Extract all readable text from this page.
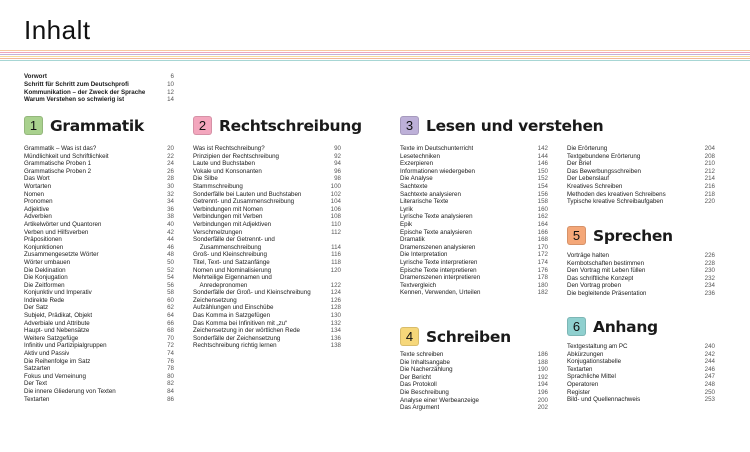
Inhalt
Vorwort	6
Schritt für Schritt zum Deutschprofi	10
Kommunikation – der Zweck der Sprache	12
Warum Verstehen so schwierig ist	14
1 Grammatik	2 Rechtschreibung	3 Lesen und verstehen
4 Schreiben
5 Sprechen
6 Anhang
Grammatik – Was ist das?	20
Mündlichkeit und Schriftlichkeit	22
Grammatische Proben 1	24
Grammatische Proben 2	26
Das Wort	28
Wortarten	30
Nomen	32
Pronomen	34
Adjektive	36
Adverbien	38
Artikelwörter und Quantoren	40
Verben und Hilfsverben	42
Präpositionen	44
Konjunktionen	46
Zusammengesetzte Wörter	48
Wörter umbauen	50
Die Deklination	52
Die Konjugation	54
Die Zeitformen	56
Konjunktiv und Imperativ	58
Indirekte Rede	60
Der Satz	62
Subjekt, Prädikat, Objekt	64
Adverbiale und Attribute	66
Haupt- und Nebensätze	68
Weitere Satzgefüge	70
Infinitiv und Partizipialgruppen	72
Aktiv und Passiv	74
Die Reihenfolge im Satz	76
Satzarten	78
Fokus und Verneinung	80
Der Text	82
Die innere Gliederung von Texten	84
Textarten	86
Was ist Rechtschreibung?	90
Prinzipien der Rechtschreibung	92
Laute und Buchstaben	94
Vokale und Konsonanten	96
Die Silbe	98
Stammschreibung	100
Sonderfälle bei Lauten und Buchstaben	102
Getrennt- und Zusammenschreibung	104
Verbindungen mit Nomen	106
Verbindungen mit Verben	108
Verbindungen mit Adjektiven	110
Verschmelzungen	112
Sonderfälle der Getrennt- und
Zusammenschreibung	114
Groß- und Kleinschreibung	116
Titel, Text- und Satzanfänge	118
Nomen und Nominalisierung	120
Mehrteilige Eigennamen und
Anredepronomen	122
Sonderfälle der Groß- und Kleinschreibung	124
Zeichensetzung	126
Aufzählungen und Einschübe	128
Das Komma in Satzgefügen	130
Das Komma bei Infinitiven mit „zu“	132
Zeichensetzung in der wörtlichen Rede	134
Sonderfälle der Zeichensetzung	136
Rechtschreibung richtig lernen	138
Texte im Deutschunterricht	142
Lesetechniken	144
Exzerpieren	146
Informationen wiedergeben	150
Die Analyse	152
Sachtexte	154
Sachtexte analysieren	156
Literarische Texte	158
Lyrik	160
Lyrische Texte analysieren	162
Epik	164
Epische Texte analysieren	166
Dramatik	168
Dramenszenen analysieren	170
Die Interpretation	172
Lyrische Texte interpretieren	174
Epische Texte interpretieren	176
Dramenszenen interpretieren	178
Textvergleich	180
Kennen, Verwenden, Urteilen	182
Texte schreiben	186
Die Inhaltsangabe	188
Die Nacherzählung	190
Der Bericht	192
Das Protokoll	194
Die Beschreibung	196
Analyse einer Werbeanzeige	200
Das Argument	202
Die Erörterung	204
Textgebundene Erörterung	208
Der Brief	210
Das Bewerbungsschreiben	212
Der Lebenslauf	214
Kreatives Schreiben	216
Methoden des kreativen Schreibens	218
Typische kreative Schreibaufgaben	220
Vorträge halten	226
Kernbotschaften bestimmen	228
Den Vortrag mit Leben füllen	230
Das schriftliche Konzept	232
Den Vortrag proben	234
Die begleitende Präsentation	236
Textgestaltung am PC	240
Abkürzungen	242
Konjugationstabelle	244
Textarten	246
Sprachliche Mittel	247
Operatoren	248
Register	250
Bild- und Quellennachweis	253
